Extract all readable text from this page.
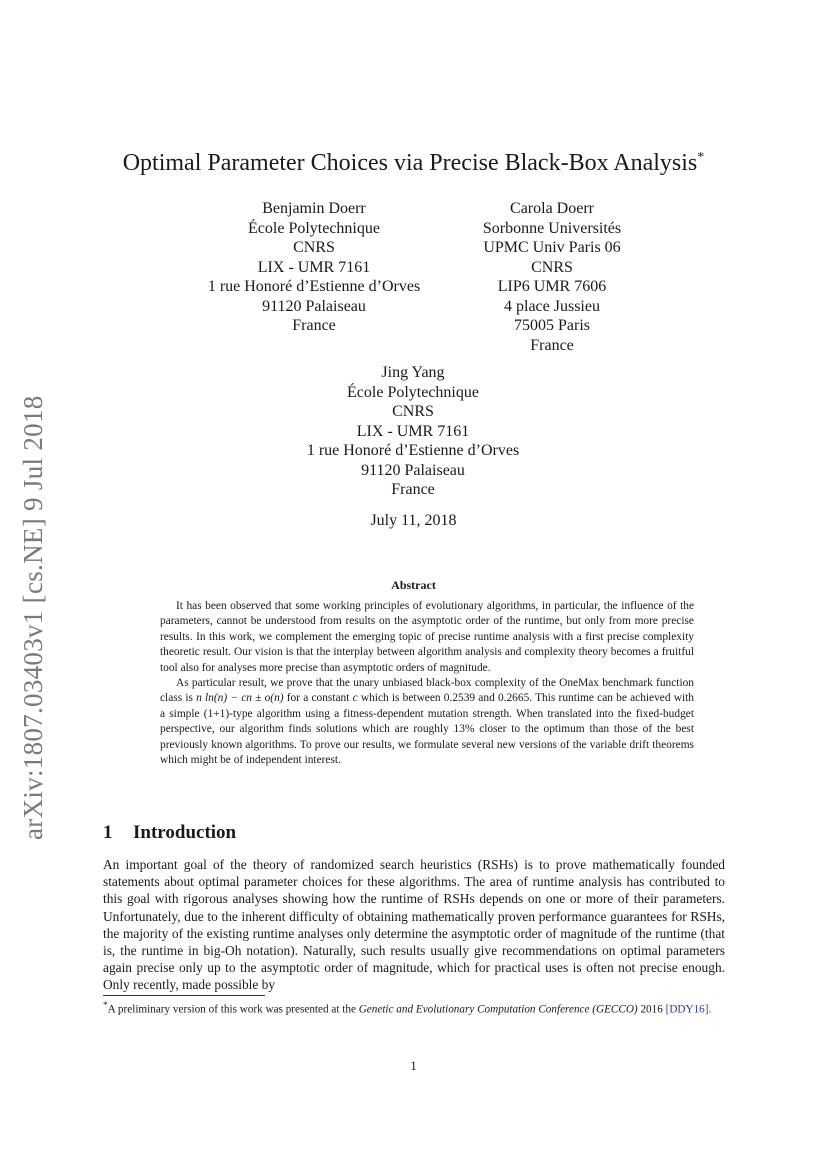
arXiv:1807.03403v1 [cs.NE] 9 Jul 2018
Optimal Parameter Choices via Precise Black-Box Analysis*
Benjamin Doerr
École Polytechnique
CNRS
LIX - UMR 7161
1 rue Honoré d’Estienne d’Orves
91120 Palaiseau
France
Carola Doerr
Sorbonne Universités
UPMC Univ Paris 06
CNRS
LIP6 UMR 7606
4 place Jussieu
75005 Paris
France
Jing Yang
École Polytechnique
CNRS
LIX - UMR 7161
1 rue Honoré d’Estienne d’Orves
91120 Palaiseau
France
July 11, 2018
Abstract

It has been observed that some working principles of evolutionary algorithms, in particular, the influence of the parameters, cannot be understood from results on the asymptotic order of the runtime, but only from more precise results. In this work, we complement the emerging topic of precise runtime analysis with a first precise complexity theoretic result. Our vision is that the interplay between algorithm analysis and complexity theory becomes a fruitful tool also for analyses more precise than asymptotic orders of magnitude.

As particular result, we prove that the unary unbiased black-box complexity of the OneMax benchmark function class is n ln(n) − cn ± o(n) for a constant c which is between 0.2539 and 0.2665. This runtime can be achieved with a simple (1+1)-type algorithm using a fitness-dependent mutation strength. When translated into the fixed-budget perspective, our algorithm finds solutions which are roughly 13% closer to the optimum than those of the best previously known algorithms. To prove our results, we formulate several new versions of the variable drift theorems which might be of independent interest.

1 Introduction

An important goal of the theory of randomized search heuristics (RSHs) is to prove mathematically founded statements about optimal parameter choices for these algorithms. The area of runtime analysis has contributed to this goal with rigorous analyses showing how the runtime of RSHs depends on one or more of their parameters. Unfortunately, due to the inherent difficulty of obtaining mathematically proven performance guarantees for RSHs, the majority of the existing runtime analyses only determine the asymptotic order of magnitude of the runtime (that is, the runtime in big-Oh notation). Naturally, such results usually give recommendations on optimal parameters again precise only up to the asymptotic order of magnitude, which for practical uses is often not precise enough. Only recently, made possible by

*A preliminary version of this work was presented at the Genetic and Evolutionary Computation Conference (GECCO) 2016 [DDY16].
1
